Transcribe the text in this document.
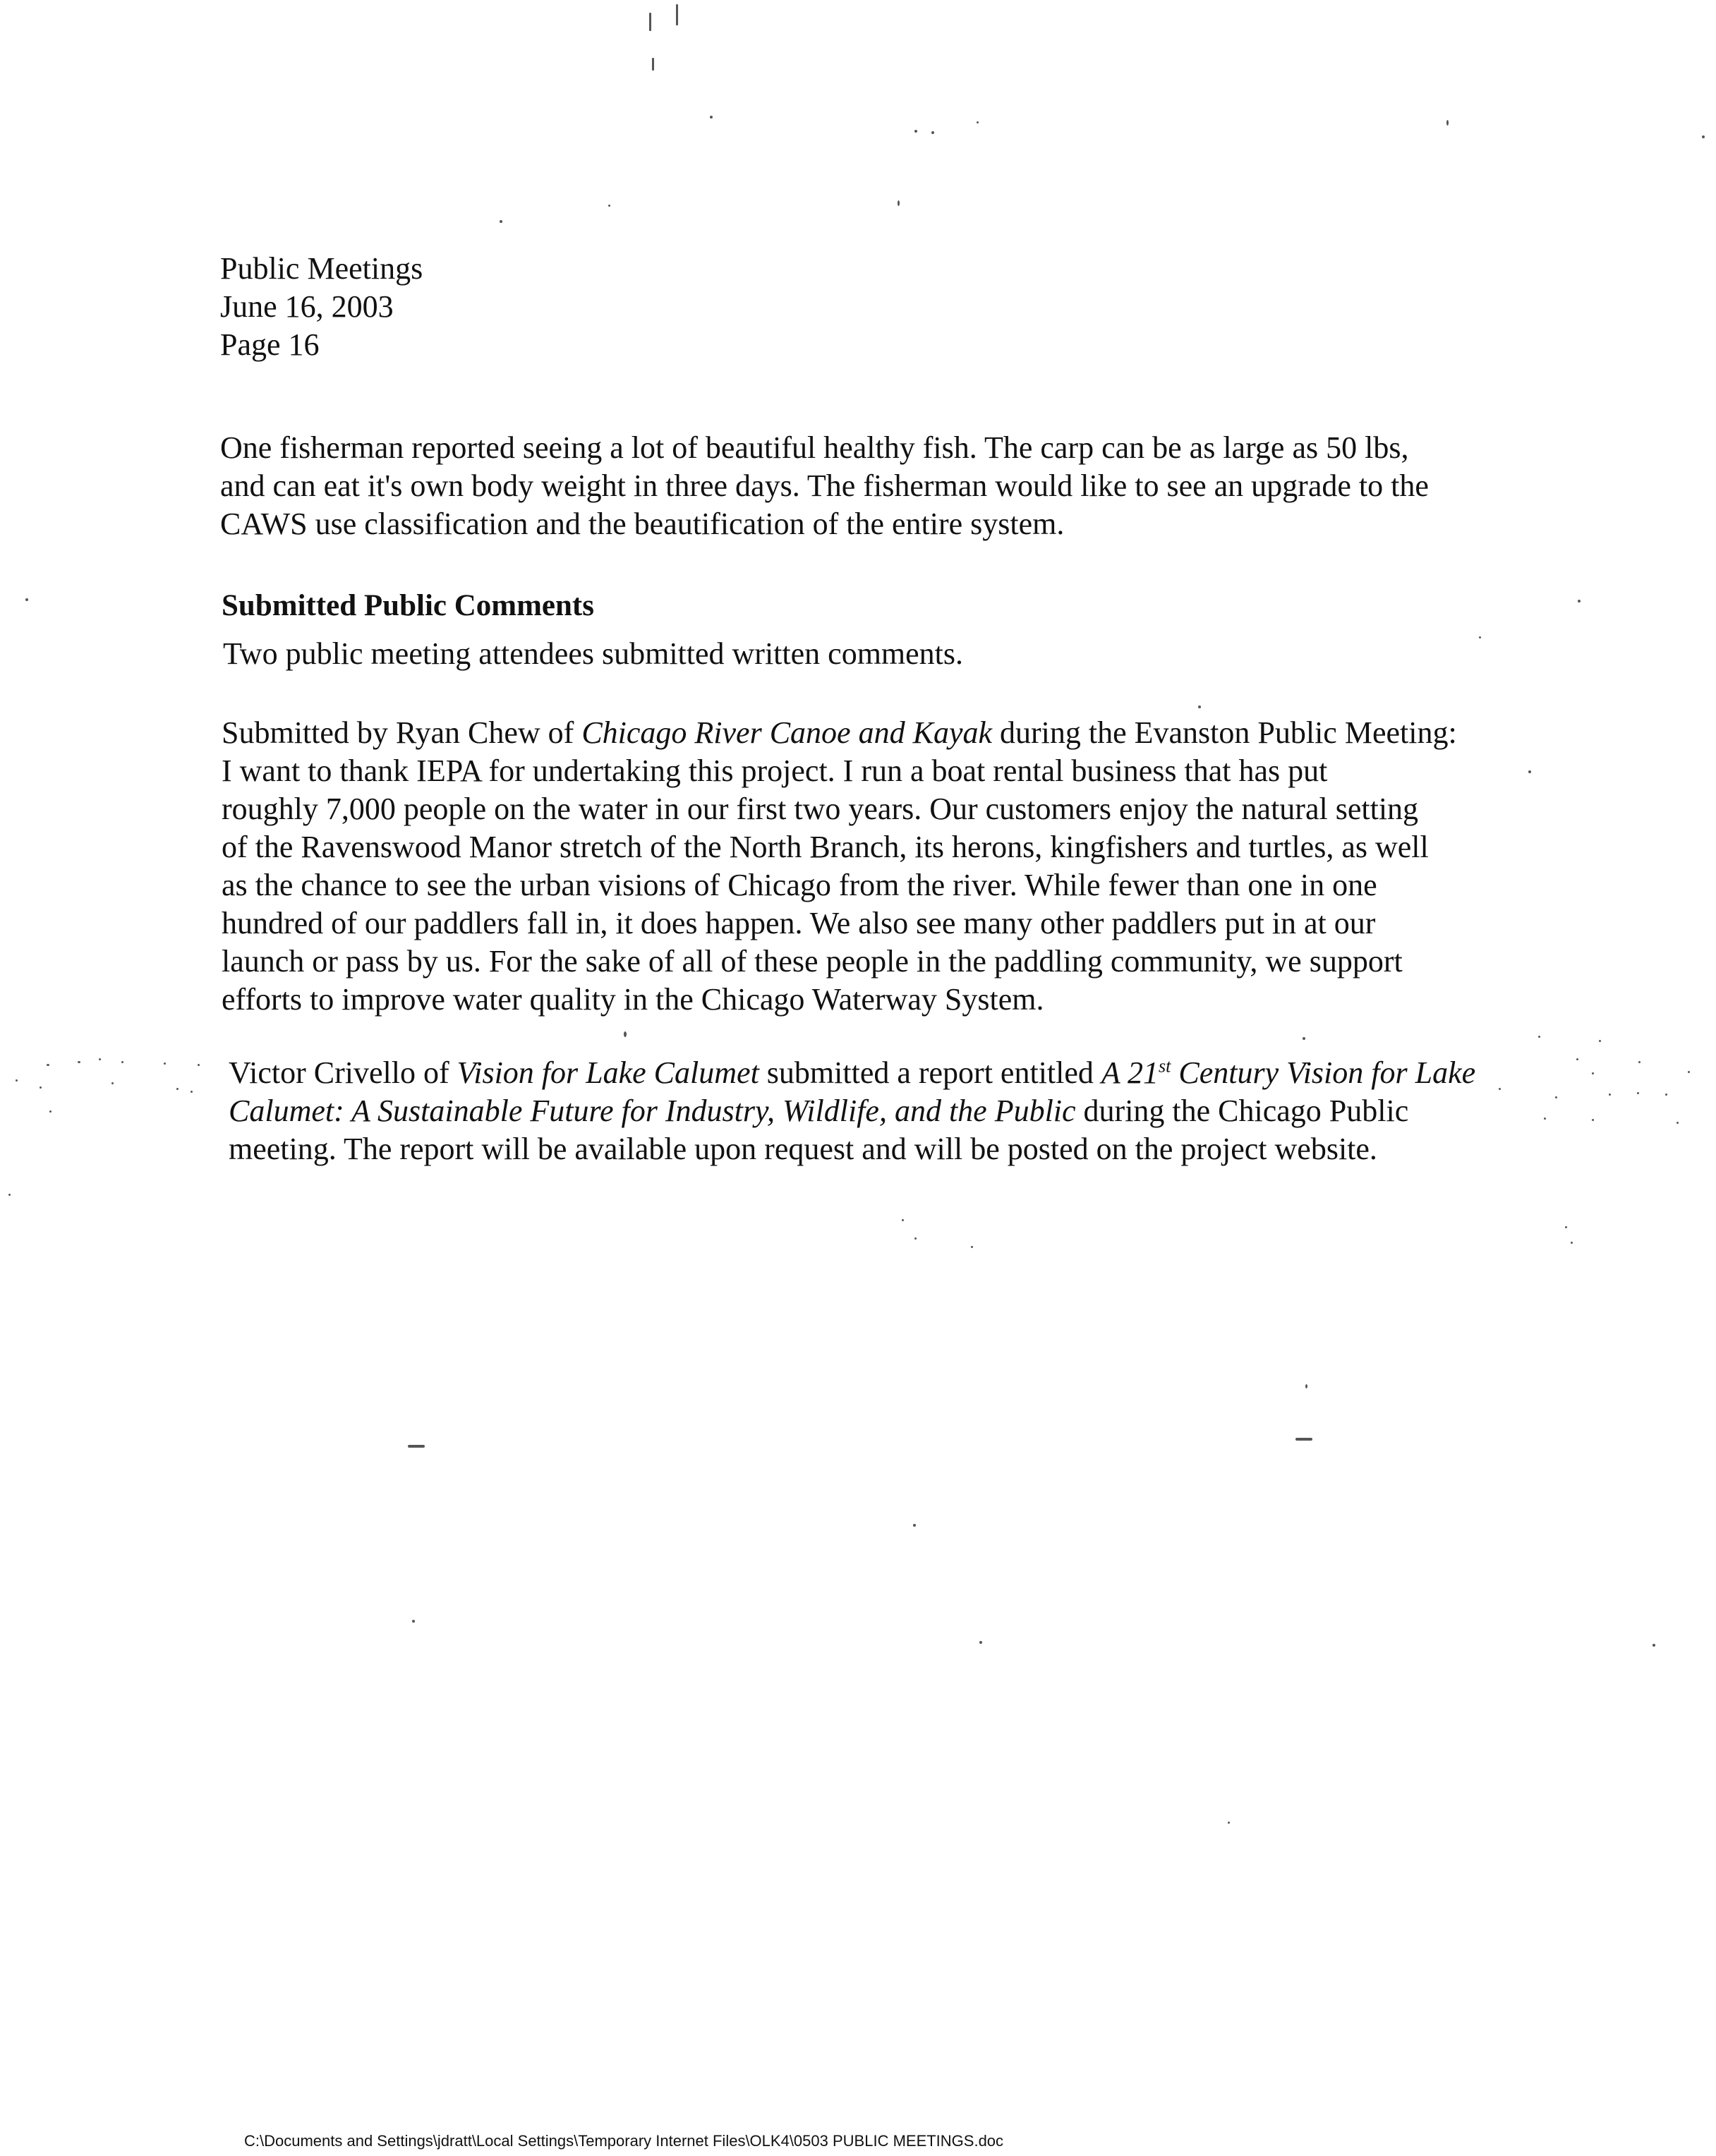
Public Meetings
June 16, 2003
Page 16
One fisherman reported seeing a lot of beautiful healthy fish. The carp can be as large as 50 lbs,
and can eat it's own body weight in three days. The fisherman would like to see an upgrade to the
CAWS use classification and the beautification of the entire system.
Submitted Public Comments
Two public meeting attendees submitted written comments.
Submitted by Ryan Chew of Chicago River Canoe and Kayak during the Evanston Public Meeting:
I want to thank IEPA for undertaking this project. I run a boat rental business that has put
roughly 7,000 people on the water in our first two years. Our customers enjoy the natural setting
of the Ravenswood Manor stretch of the North Branch, its herons, kingfishers and turtles, as well
as the chance to see the urban visions of Chicago from the river. While fewer than one in one
hundred of our paddlers fall in, it does happen. We also see many other paddlers put in at our
launch or pass by us. For the sake of all of these people in the paddling community, we support
efforts to improve water quality in the Chicago Waterway System.
Victor Crivello of Vision for Lake Calumet submitted a report entitled A 21st Century Vision for Lake
Calumet: A Sustainable Future for Industry, Wildlife, and the Public during the Chicago Public
meeting. The report will be available upon request and will be posted on the project website.
C:\Documents and Settings\jdratt\Local Settings\Temporary Internet Files\OLK4\0503 PUBLIC MEETINGS.doc
